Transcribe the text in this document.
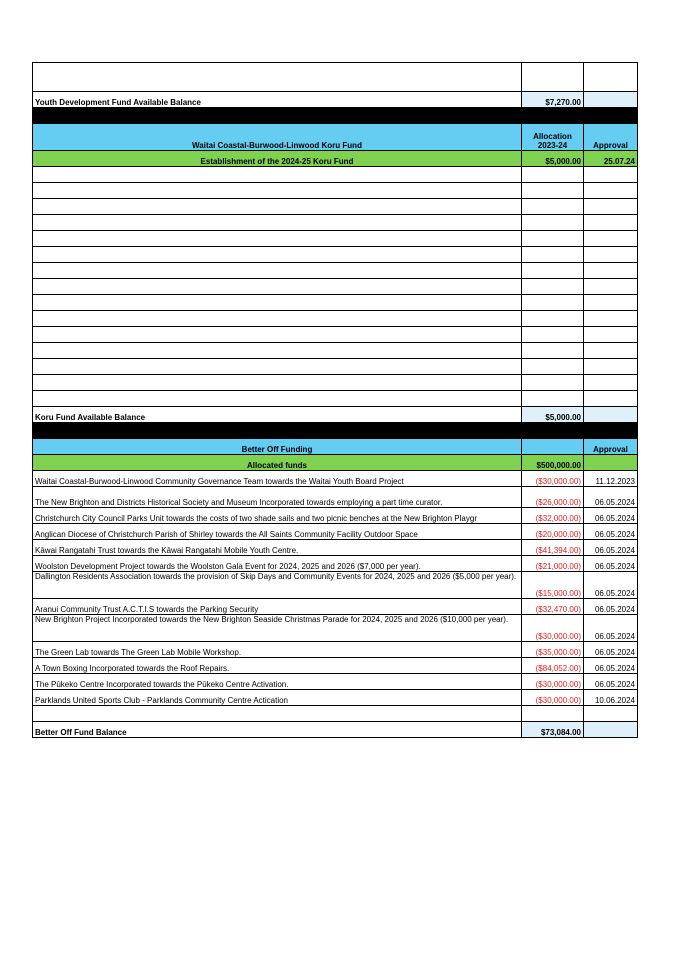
Youth Development Fund Available Balance	$7,270.00	

Waitai Coastal-Burwood-Linwood Koru Fund	Allocation 2023-24	Approval
Establishment of the 2024-25 Koru Fund	$5,000.00	25.07.24

Koru Fund Available Balance	$5,000.00	

Better Off Funding		Approval
Allocated funds	$500,000.00	
Waitai Coastal-Burwood-Linwood Community Governance Team towards the Waitai Youth Board Project	($30,000.00)	11.12.2023
The New Brighton and Districts Historical Society and Museum Incorporated towards employing a part time curator.	($26,000.00)	06.05.2024
Christchurch City Council Parks Unit towards the costs of two shade sails and two picnic benches at the New Brighton Playgr	($32,000.00)	06.05.2024
Anglican Diocese of Christchurch Parish of Shirley towards the All Saints Community Facility Outdoor Space	($20,000.00)	06.05.2024
Kāwai Rangatahi Trust towards the Kāwai Rangatahi Mobile Youth Centre.	($41,394.00)	06.05.2024
Woolston Development Project towards the Woolston Gala Event for 2024, 2025 and 2026 ($7,000 per year).	($21,000.00)	06.05.2024
Dallington Residents Association towards the provision of Skip Days and Community Events for 2024, 2025 and 2026 ($5,000 per year).	($15,000.00)	06.05.2024
Aranui Community Trust A.C.T.I.S towards the Parking Security	($32,470.00)	06.05.2024
New Brighton Project Incorporated towards the New Brighton Seaside Christmas Parade for 2024, 2025 and 2026 ($10,000 per year).	($30,000.00)	06.05.2024
The Green Lab towards The Green Lab Mobile Workshop.	($35,000.00)	06.05.2024
A Town Boxing Incorporated towards the Roof Repairs.	($84,052.00)	06.05.2024
The Pūkeko Centre Incorporated towards the Pūkeko Centre Activation.	($30,000.00)	06.05.2024
Parklands United Sports Club - Parklands Community Centre Actication	($30,000.00)	10.06.2024

Better Off Fund Balance	$73,084.00	
